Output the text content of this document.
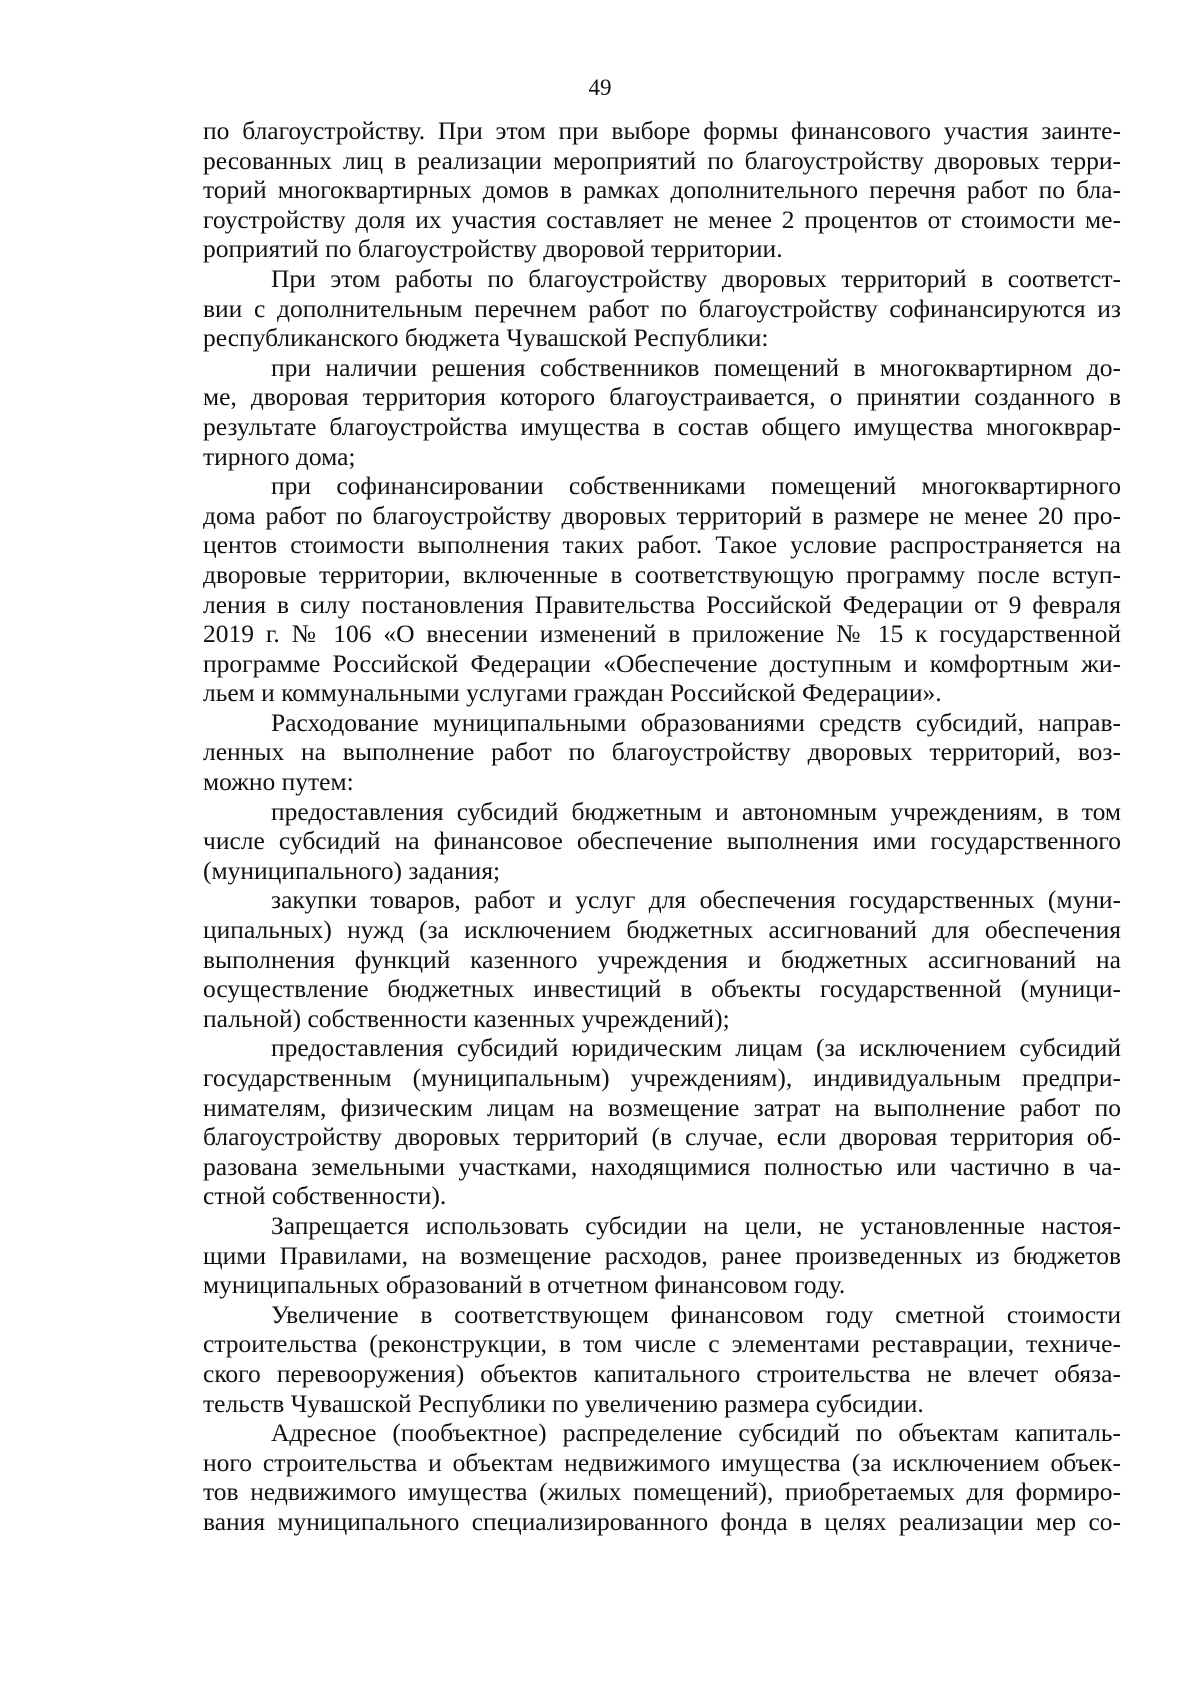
49
по благоустройству. При этом при выборе формы финансового участия заинте-
ресованных лиц в реализации мероприятий по благоустройству дворовых терри-
торий многоквартирных домов в рамках дополнительного перечня работ по бла-
гоустройству доля их участия составляет не менее 2 процентов от стоимости ме-
роприятий по благоустройству дворовой территории.
При этом работы по благоустройству дворовых территорий в соответст-
вии с дополнительным перечнем работ по благоустройству софинансируются из
республиканского бюджета Чувашской Республики:
при наличии решения собственников помещений в многоквартирном до-
ме, дворовая территория которого благоустраивается, о принятии созданного в
результате благоустройства имущества в состав общего имущества многокврар-
тирного дома;
при софинансировании собственниками помещений многоквартирного
дома работ по благоустройству дворовых территорий в размере не менее 20 про-
центов стоимости выполнения таких работ. Такое условие распространяется на
дворовые территории, включенные в соответствующую программу после вступ-
ления в силу постановления Правительства Российской Федерации от 9 февраля
2019 г. № 106 «О внесении изменений в приложение № 15 к государственной
программе Российской Федерации «Обеспечение доступным и комфортным жи-
льем и коммунальными услугами граждан Российской Федерации».
Расходование муниципальными образованиями средств субсидий, направ-
ленных на выполнение работ по благоустройству дворовых территорий, воз-
можно путем:
предоставления субсидий бюджетным и автономным учреждениям, в том
числе субсидий на финансовое обеспечение выполнения ими государственного
(муниципального) задания;
закупки товаров, работ и услуг для обеспечения государственных (муни-
ципальных) нужд (за исключением бюджетных ассигнований для обеспечения
выполнения функций казенного учреждения и бюджетных ассигнований на
осуществление бюджетных инвестиций в объекты государственной (муници-
пальной) собственности казенных учреждений);
предоставления субсидий юридическим лицам (за исключением субсидий
государственным (муниципальным) учреждениям), индивидуальным предпри-
нимателям, физическим лицам на возмещение затрат на выполнение работ по
благоустройству дворовых территорий (в случае, если дворовая территория об-
разована земельными участками, находящимися полностью или частично в ча-
стной собственности).
Запрещается использовать субсидии на цели, не установленные настоя-
щими Правилами, на возмещение расходов, ранее произведенных из бюджетов
муниципальных образований в отчетном финансовом году.
Увеличение в соответствующем финансовом году сметной стоимости
строительства (реконструкции, в том числе с элементами реставрации, техниче-
ского перевооружения) объектов капитального строительства не влечет обяза-
тельств Чувашской Республики по увеличению размера субсидии.
Адресное (пообъектное) распределение субсидий по объектам капиталь-
ного строительства и объектам недвижимого имущества (за исключением объек-
тов недвижимого имущества (жилых помещений), приобретаемых для формиро-
вания муниципального специализированного фонда в целях реализации мер со-
